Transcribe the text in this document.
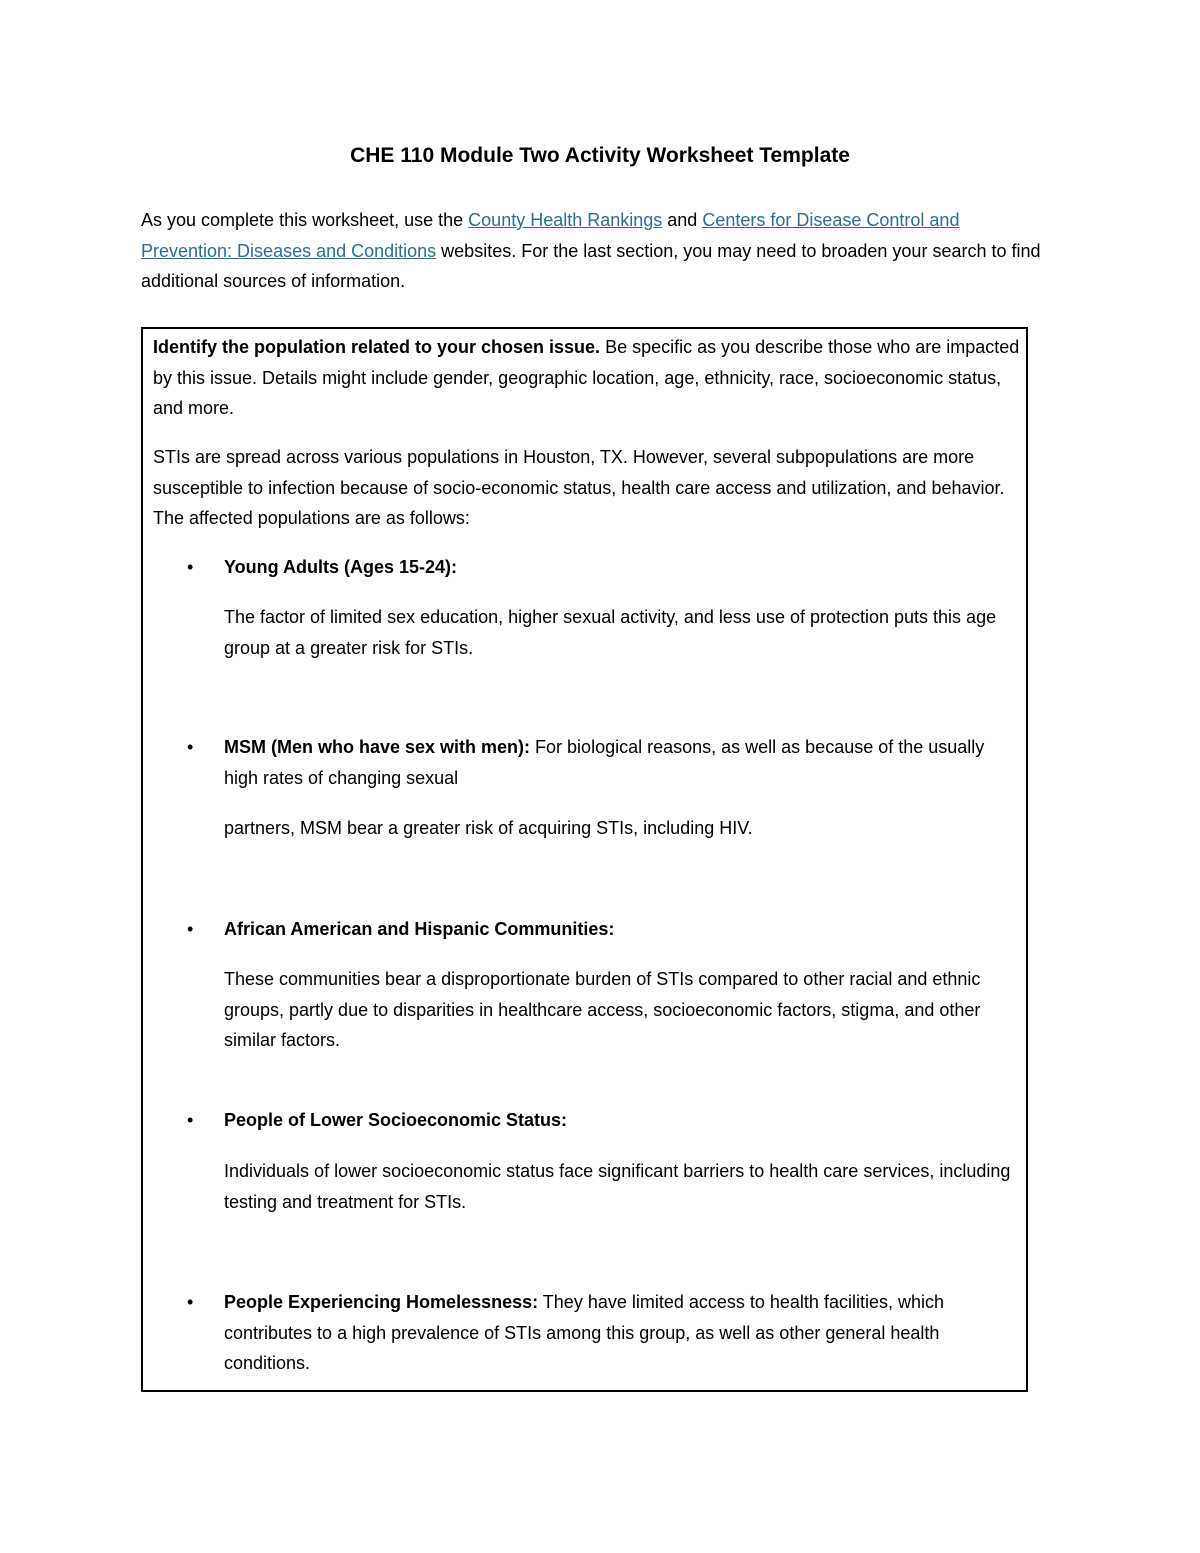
CHE 110 Module Two Activity Worksheet Template

As you complete this worksheet, use the County Health Rankings and Centers for Disease Control and Prevention: Diseases and Conditions websites. For the last section, you may need to broaden your search to find additional sources of information.

Identify the population related to your chosen issue. Be specific as you describe those who are impacted by this issue. Details might include gender, geographic location, age, ethnicity, race, socioeconomic status, and more.

STIs are spread across various populations in Houston, TX. However, several subpopulations are more susceptible to infection because of socio-economic status, health care access and utilization, and behavior. The affected populations are as follows:

• Young Adults (Ages 15-24):

The factor of limited sex education, higher sexual activity, and less use of protection puts this age group at a greater risk for STIs.

• MSM (Men who have sex with men): For biological reasons, as well as because of the usually high rates of changing sexual

partners, MSM bear a greater risk of acquiring STIs, including HIV.

• African American and Hispanic Communities:

These communities bear a disproportionate burden of STIs compared to other racial and ethnic groups, partly due to disparities in healthcare access, socioeconomic factors, stigma, and other similar factors.

• People of Lower Socioeconomic Status:

Individuals of lower socioeconomic status face significant barriers to health care services, including testing and treatment for STIs.

• People Experiencing Homelessness: They have limited access to health facilities, which contributes to a high prevalence of STIs among this group, as well as other general health conditions.
